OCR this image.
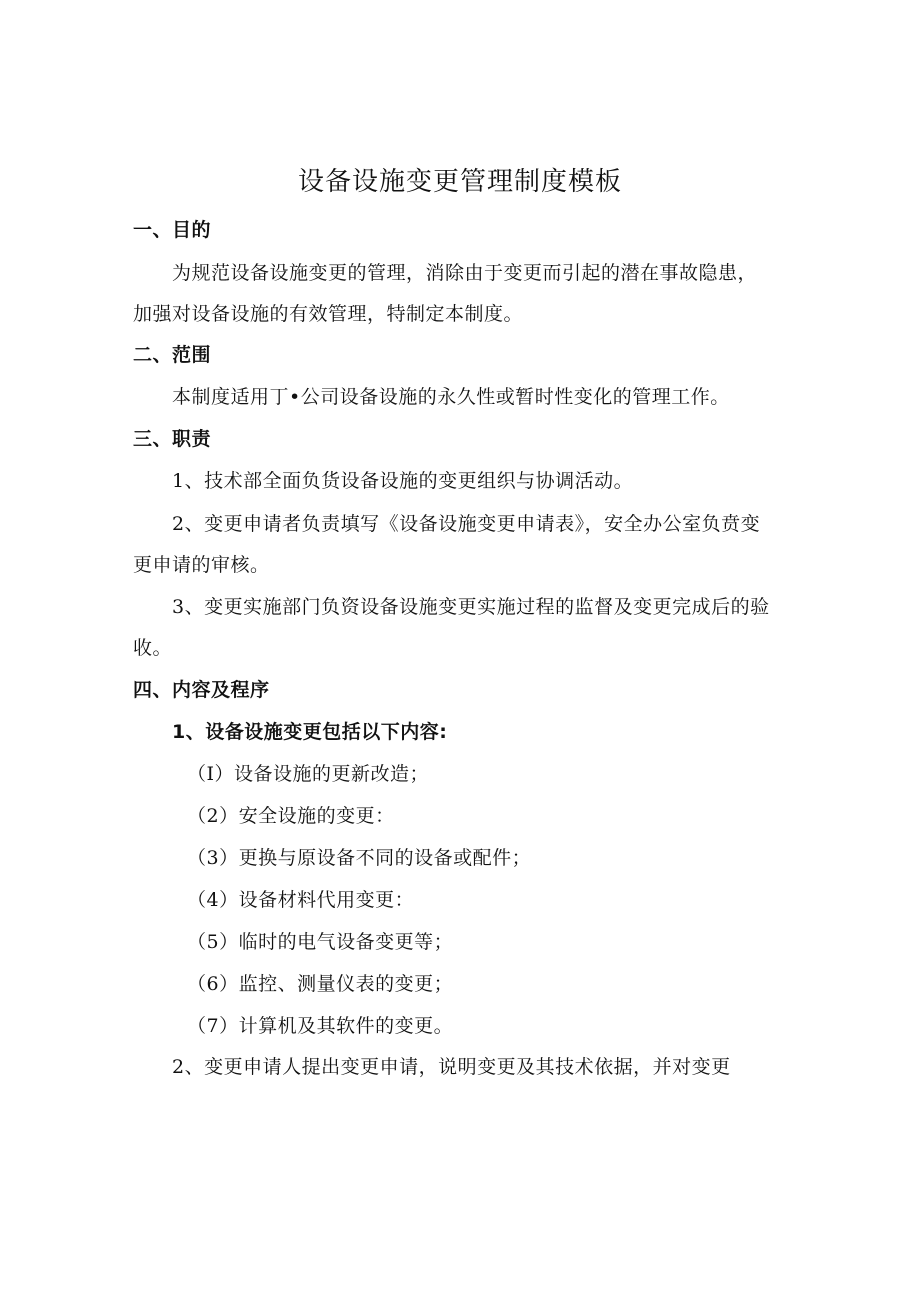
设备设施变更管理制度模板
一、目的
为规范设备设施变更的管理，消除由于变更而引起的潜在事故隐患，
加强对设备设施的有效管理，特制定本制度。
二、范围
本制度适用丁•公司设备设施的永久性或暂时性变化的管理工作。
三、职责
1、技术部全面负货设备设施的变更组织与协调活动。
2、变更申请者负责填写《设备设施变更申请表》，安全办公室负贲变
更申请的审核。
3、变更实施部门负资设备设施变更实施过程的监督及变更完成后的验
收。
四、内容及程序
1、设备设施变更包括以下内容:
（I）设备设施的更新改造；
（2）安全设施的变更：
（3）更换与原设备不同的设备或配件；
（4）设备材料代用变更：
（5）临时的电气设备变更等；
（6）监控、测量仪表的变更；
（7）计算机及其软件的变更。
2、变更申请人提出变更申请，说明变更及其技术依据，并对变更
